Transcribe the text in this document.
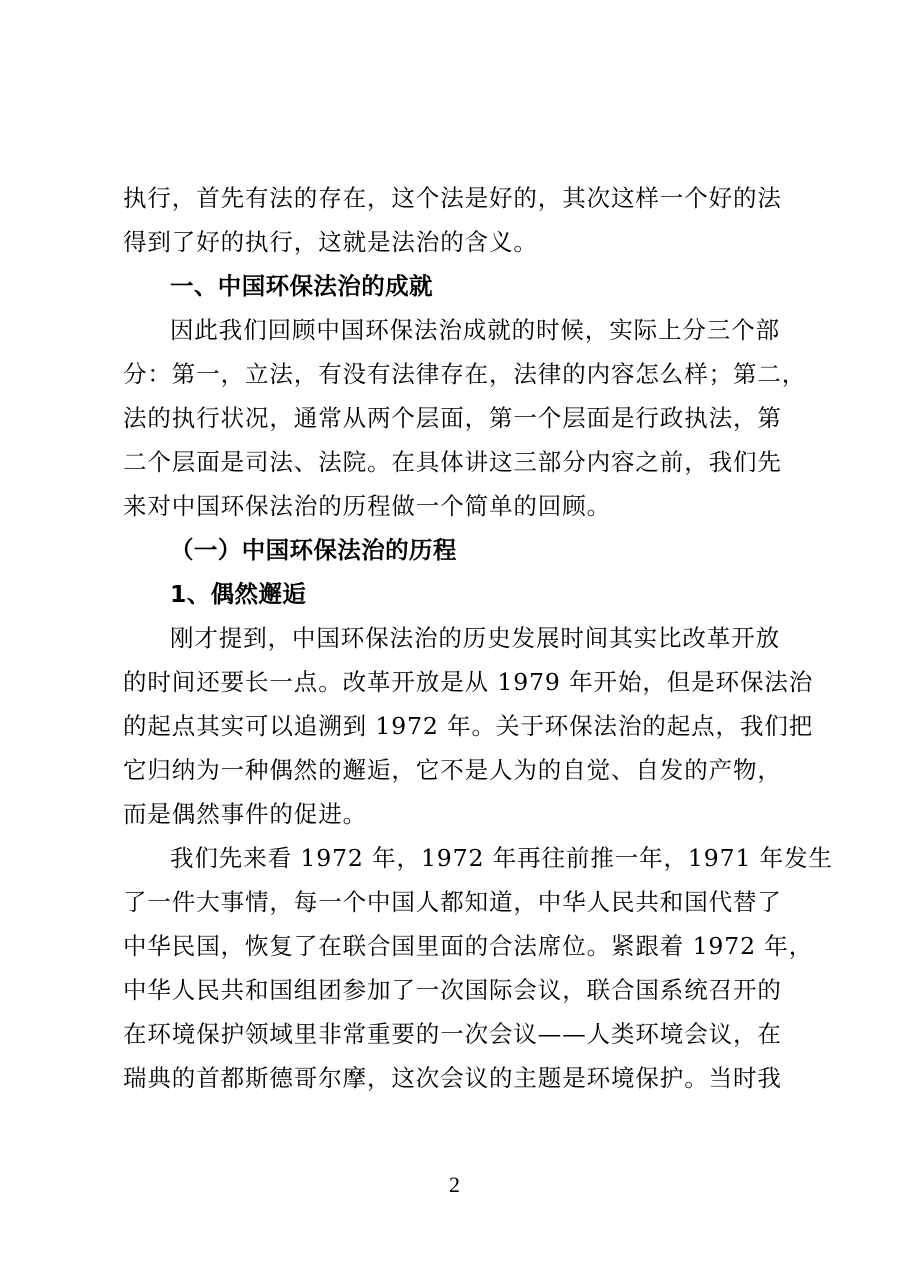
执行，首先有法的存在，这个法是好的，其次这样一个好的法
得到了好的执行，这就是法治的含义。
一、中国环保法治的成就
因此我们回顾中国环保法治成就的时候，实际上分三个部
分：第一，立法，有没有法律存在，法律的内容怎么样；第二，
法的执行状况，通常从两个层面，第一个层面是行政执法，第
二个层面是司法、法院。在具体讲这三部分内容之前，我们先
来对中国环保法治的历程做一个简单的回顾。
（一）中国环保法治的历程
1、偶然邂逅
刚才提到，中国环保法治的历史发展时间其实比改革开放
的时间还要长一点。改革开放是从 1979 年开始，但是环保法治
的起点其实可以追溯到 1972 年。关于环保法治的起点，我们把
它归纳为一种偶然的邂逅，它不是人为的自觉、自发的产物，
而是偶然事件的促进。
我们先来看 1972 年，1972 年再往前推一年，1971 年发生
了一件大事情，每一个中国人都知道，中华人民共和国代替了
中华民国，恢复了在联合国里面的合法席位。紧跟着 1972 年，
中华人民共和国组团参加了一次国际会议，联合国系统召开的
在环境保护领域里非常重要的一次会议——人类环境会议，在
瑞典的首都斯德哥尔摩，这次会议的主题是环境保护。当时我
2
